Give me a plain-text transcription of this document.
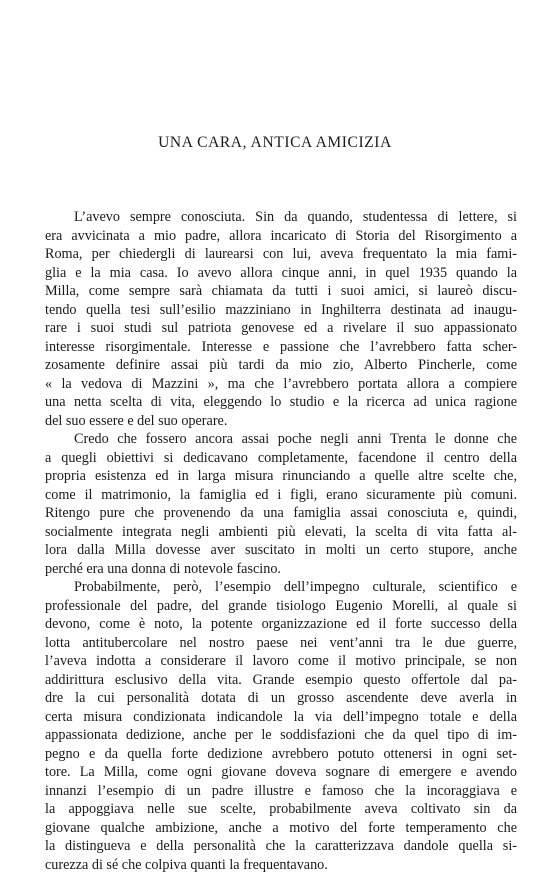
UNA CARA, ANTICA AMICIZIA
L’avevo sempre conosciuta. Sin da quando, studentessa di lettere, si
era avvicinata a mio padre, allora incaricato di Storia del Risorgimento a
Roma, per chiedergli di laurearsi con lui, aveva frequentato la mia fami-
glia e la mia casa. Io avevo allora cinque anni, in quel 1935 quando la
Milla, come sempre sarà chiamata da tutti i suoi amici, si laureò discu-
tendo quella tesi sull’esilio mazziniano in Inghilterra destinata ad inaugu-
rare i suoi studi sul patriota genovese ed a rivelare il suo appassionato
interesse risorgimentale. Interesse e passione che l’avrebbero fatta scher-
zosamente definire assai più tardi da mio zio, Alberto Pincherle, come
« la vedova di Mazzini », ma che l’avrebbero portata allora a compiere
una netta scelta di vita, eleggendo lo studio e la ricerca ad unica ragione
del suo essere e del suo operare.
Credo che fossero ancora assai poche negli anni Trenta le donne che
a quegli obiettivi si dedicavano completamente, facendone il centro della
propria esistenza ed in larga misura rinunciando a quelle altre scelte che,
come il matrimonio, la famiglia ed i figli, erano sicuramente più comuni.
Ritengo pure che provenendo da una famiglia assai conosciuta e, quindi,
socialmente integrata negli ambienti più elevati, la scelta di vita fatta al-
lora dalla Milla dovesse aver suscitato in molti un certo stupore, anche
perché era una donna di notevole fascino.
Probabilmente, però, l’esempio dell’impegno culturale, scientifico e
professionale del padre, del grande tisiologo Eugenio Morelli, al quale si
devono, come è noto, la potente organizzazione ed il forte successo della
lotta antitubercolare nel nostro paese nei vent’anni tra le due guerre,
l’aveva indotta a considerare il lavoro come il motivo principale, se non
addirittura esclusivo della vita. Grande esempio questo offertole dal pa-
dre la cui personalità dotata di un grosso ascendente deve averla in
certa misura condizionata indicandole la via dell’impegno totale e della
appassionata dedizione, anche per le soddisfazioni che da quel tipo di im-
pegno e da quella forte dedizione avrebbero potuto ottenersi in ogni set-
tore. La Milla, come ogni giovane doveva sognare di emergere e avendo
innanzi l’esempio di un padre illustre e famoso che la incoraggiava e
la appoggiava nelle sue scelte, probabilmente aveva coltivato sin da
giovane qualche ambizione, anche a motivo del forte temperamento che
la distingueva e della personalità che la caratterizzava dandole quella si-
curezza di sé che colpiva quanti la frequentavano.
